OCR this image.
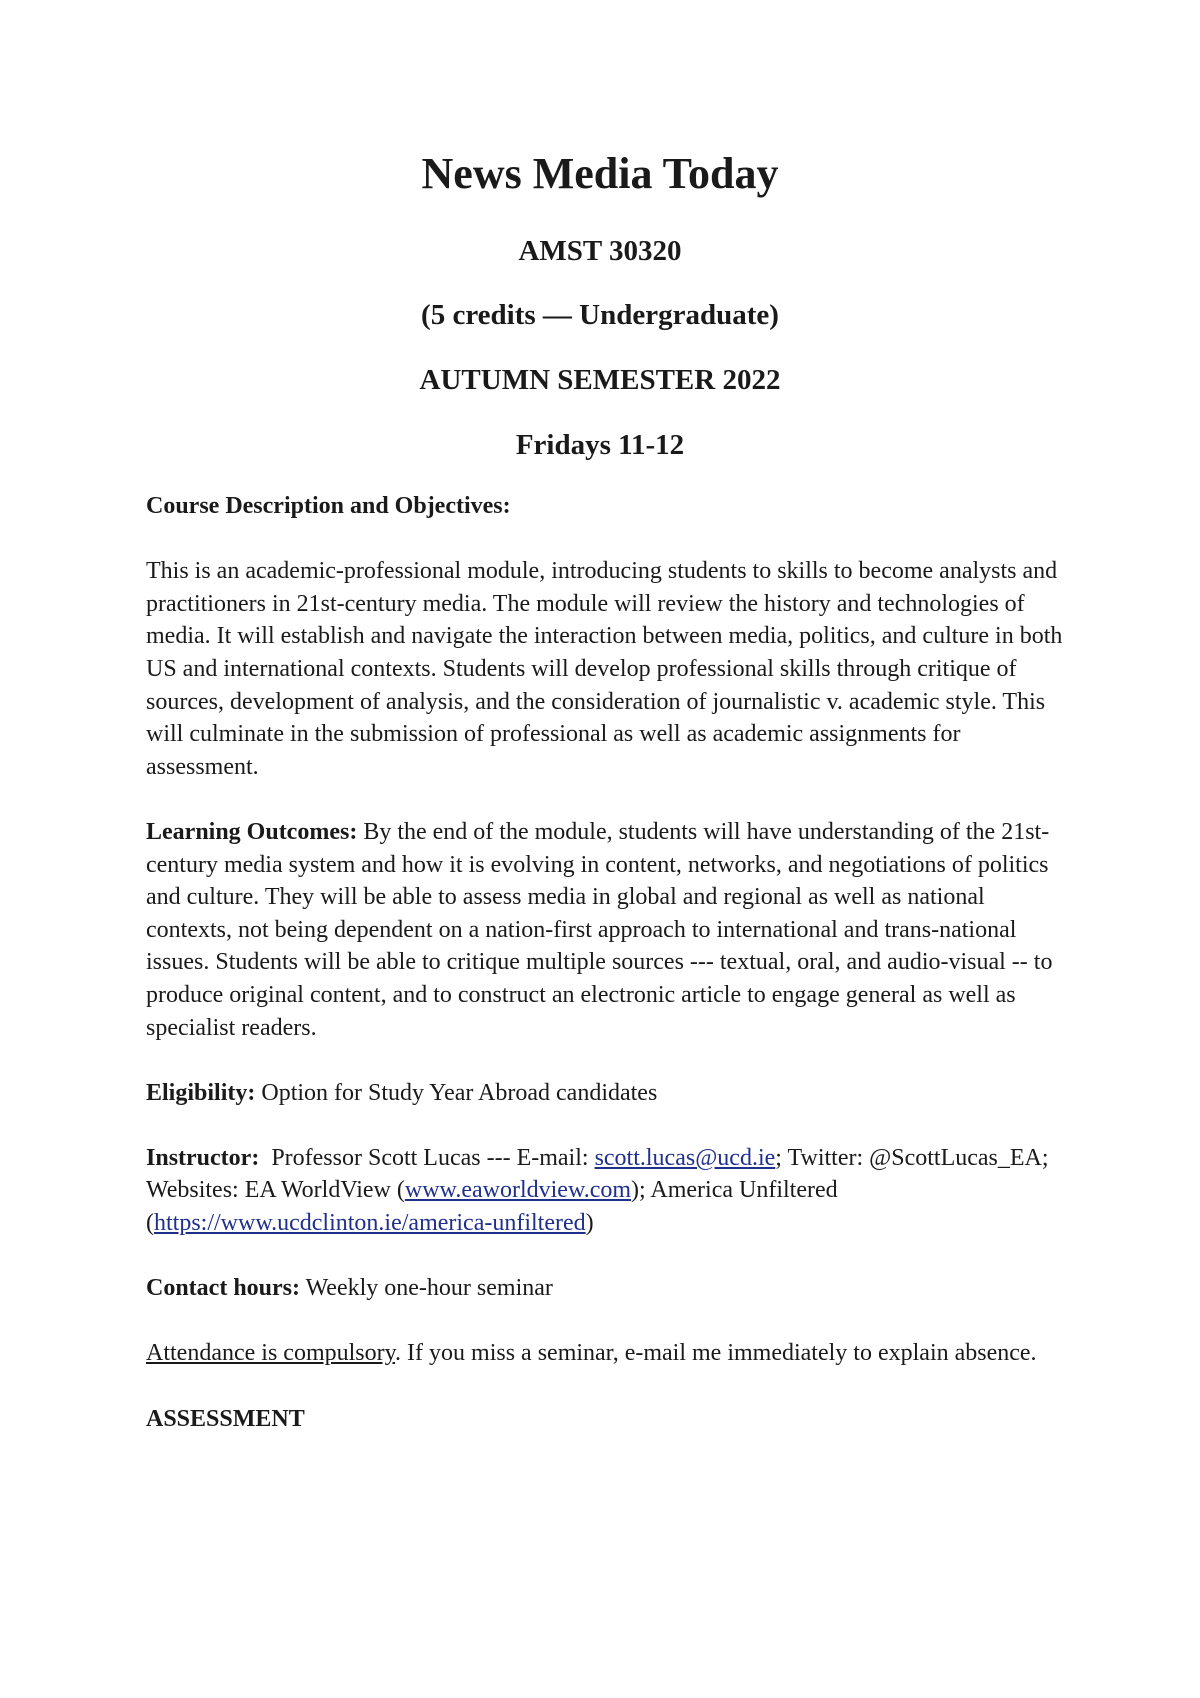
News Media Today
AMST 30320
(5 credits — Undergraduate)
AUTUMN SEMESTER 2022
Fridays 11-12

Course Description and Objectives:

This is an academic-professional module, introducing students to skills to become analysts and practitioners in 21st-century media. The module will review the history and technologies of media. It will establish and navigate the interaction between media, politics, and culture in both US and international contexts. Students will develop professional skills through critique of sources, development of analysis, and the consideration of journalistic v. academic style. This will culminate in the submission of professional as well as academic assignments for assessment.

Learning Outcomes: By the end of the module, students will have understanding of the 21st-century media system and how it is evolving in content, networks, and negotiations of politics and culture. They will be able to assess media in global and regional as well as national contexts, not being dependent on a nation-first approach to international and trans-national issues. Students will be able to critique multiple sources --- textual, oral, and audio-visual -- to produce original content, and to construct an electronic article to engage general as well as specialist readers.

Eligibility: Option for Study Year Abroad candidates

Instructor:  Professor Scott Lucas --- E-mail: scott.lucas@ucd.ie; Twitter: @ScottLucas_EA; Websites: EA WorldView (www.eaworldview.com); America Unfiltered (https://www.ucdclinton.ie/america-unfiltered)

Contact hours: Weekly one-hour seminar

Attendance is compulsory. If you miss a seminar, e-mail me immediately to explain absence.

ASSESSMENT
